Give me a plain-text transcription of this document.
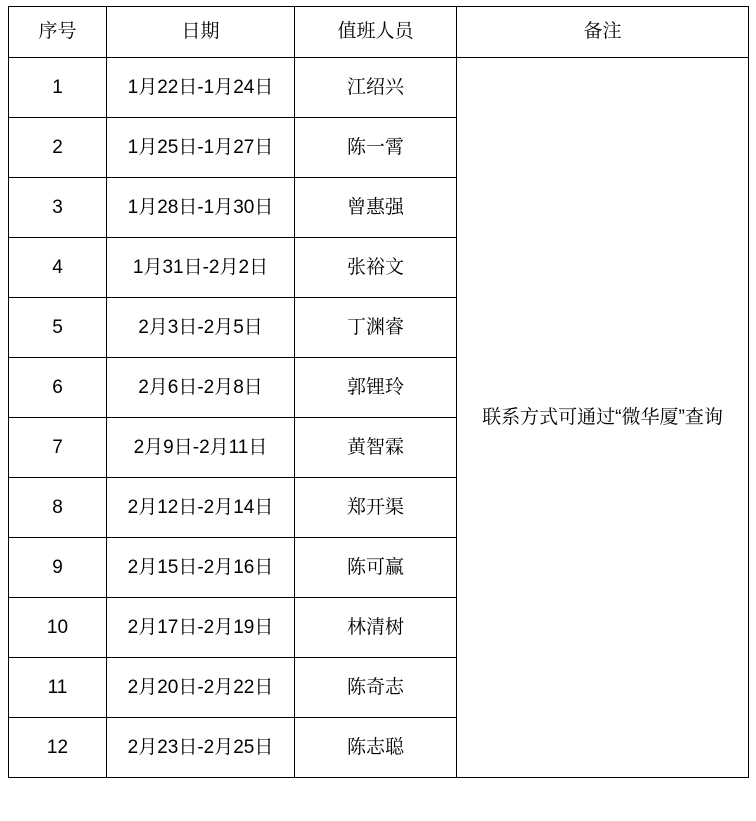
序号	日期	值班人员	备注
1	1月22日-1月24日	江绍兴	联系方式可通过“微华厦”查询
2	1月25日-1月27日	陈一霄	
3	1月28日-1月30日	曾惠强	
4	1月31日-2月2日	张裕文	
5	2月3日-2月5日	丁渊睿	
6	2月6日-2月8日	郭锂玲	
7	2月9日-2月11日	黄智霖	
8	2月12日-2月14日	郑开渠	
9	2月15日-2月16日	陈可赢	
10	2月17日-2月19日	林清树	
11	2月20日-2月22日	陈奇志	
12	2月23日-2月25日	陈志聪	
